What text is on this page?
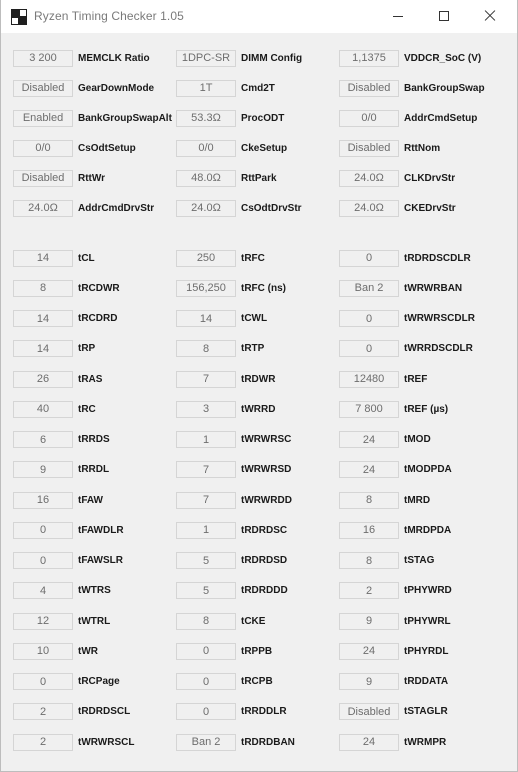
Ryzen Timing Checker 1.05
3 200	MEMCLK Ratio	1DPC-SR	DIMM Config	1,1375	VDDCR_SoC (V)
Disabled	GearDownMode	1T	Cmd2T	Disabled	BankGroupSwap
Enabled	BankGroupSwapAlt	53.3Ω	ProcODT	0/0	AddrCmdSetup
0/0	CsOdtSetup	0/0	CkeSetup	Disabled	RttNom
Disabled	RttWr	48.0Ω	RttPark	24.0Ω	CLKDrvStr
24.0Ω	AddrCmdDrvStr	24.0Ω	CsOdtDrvStr	24.0Ω	CKEDrvStr
14	tCL	250	tRFC	0	tRDRDSCDLR
8	tRCDWR	156,250	tRFC (ns)	Ban 2	tWRWRBAN
14	tRCDRD	14	tCWL	0	tWRWRSCDLR
14	tRP	8	tRTP	0	tWRRDSCDLR
26	tRAS	7	tRDWR	12480	tREF
40	tRC	3	tWRRD	7 800	tREF (µs)
6	tRRDS	1	tWRWRSC	24	tMOD
9	tRRDL	7	tWRWRSD	24	tMODPDA
16	tFAW	7	tWRWRDD	8	tMRD
0	tFAWDLR	1	tRDRDSC	16	tMRDPDA
0	tFAWSLR	5	tRDRDSD	8	tSTAG
4	tWTRS	5	tRDRDDD	2	tPHYWRD
12	tWTRL	8	tCKE	9	tPHYWRL
10	tWR	0	tRPPB	24	tPHYRDL
0	tRCPage	0	tRCPB	9	tRDDATA
2	tRDRDSCL	0	tRRDDLR	Disabled	tSTAGLR
2	tWRWRSCL	Ban 2	tRDRDBAN	24	tWRMPR
